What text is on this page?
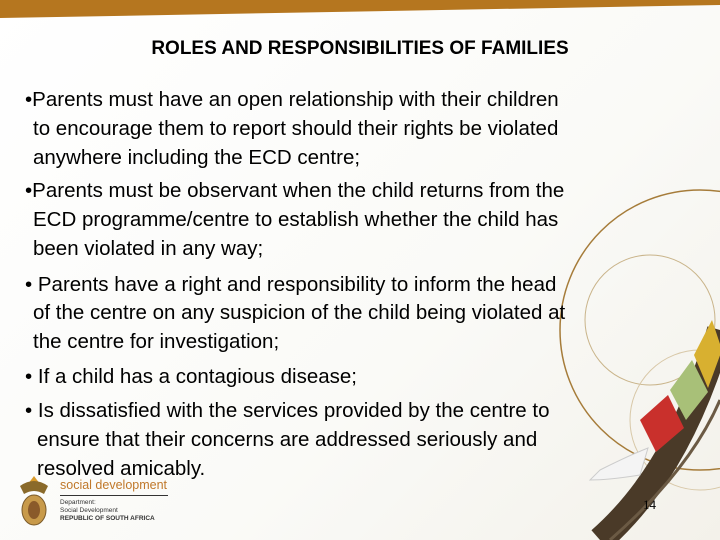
ROLES AND RESPONSIBILITIES OF FAMILIES
•Parents must have an open relationship with their children
to encourage them to report should their rights be violated
anywhere including the ECD centre;
•Parents must be observant when the child returns from the
ECD programme/centre to establish whether the child has
been violated in any way;
• Parents have a right and responsibility to inform the head
of the centre on any suspicion of the child being violated at
the centre for investigation;
• If a child has a contagious disease;
• Is dissatisfied with the services provided by the centre to
ensure that their concerns are addressed seriously and
resolved amicably.
social development
Department:
Social Development
REPUBLIC OF SOUTH AFRICA
14
